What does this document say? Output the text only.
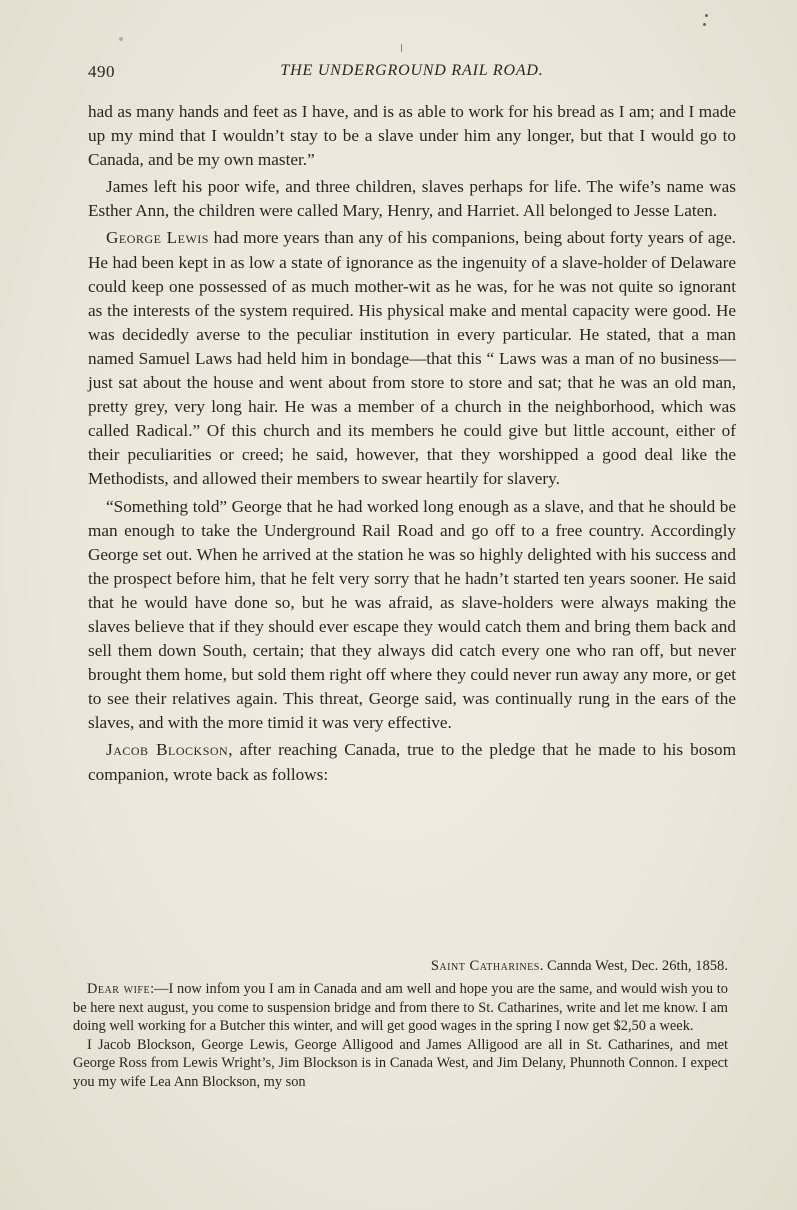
490	THE UNDERGROUND RAIL ROAD.

had as many hands and feet as I have, and is as able to work for his bread as I am; and I made up my mind that I wouldn’t stay to be a slave under him any longer, but that I would go to Canada, and be my own master.”

James left his poor wife, and three children, slaves perhaps for life. The wife’s name was Esther Ann, the children were called Mary, Henry, and Harriet. All belonged to Jesse Laten.

George Lewis had more years than any of his companions, being about forty years of age. He had been kept in as low a state of ignorance as the ingenuity of a slave-holder of Delaware could keep one possessed of as much mother-wit as he was, for he was not quite so ignorant as the interests of the system required. His physical make and mental capacity were good. He was decidedly averse to the peculiar institution in every particular. He stated, that a man named Samuel Laws had held him in bondage—that this “ Laws was a man of no business—just sat about the house and went about from store to store and sat; that he was an old man, pretty grey, very long hair. He was a member of a church in the neighborhood, which was called Radical.” Of this church and its members he could give but little account, either of their peculiarities or creed; he said, however, that they worshipped a good deal like the Methodists, and allowed their members to swear heartily for slavery.

“Something told” George that he had worked long enough as a slave, and that he should be man enough to take the Underground Rail Road and go off to a free country. Accordingly George set out. When he arrived at the station he was so highly delighted with his success and the prospect before him, that he felt very sorry that he hadn’t started ten years sooner. He said that he would have done so, but he was afraid, as slave-holders were always making the slaves believe that if they should ever escape they would catch them and bring them back and sell them down South, certain; that they always did catch every one who ran off, but never brought them home, but sold them right off where they could never run away any more, or get to see their relatives again. This threat, George said, was continually rung in the ears of the slaves, and with the more timid it was very effective.

Jacob Blockson, after reaching Canada, true to the pledge that he made to his bosom companion, wrote back as follows:

Saint Catharines. Cannda West, Dec. 26th, 1858.

Dear wife:—I now infom you I am in Canada and am well and hope you are the same, and would wish you to be here next august, you come to suspension bridge and from there to St. Catharines, write and let me know. I am doing well working for a Butcher this winter, and will get good wages in the spring I now get $2,50 a week.

I Jacob Blockson, George Lewis, George Alligood and James Alligood are all in St. Catharines, and met George Ross from Lewis Wright’s, Jim Blockson is in Canada West, and Jim Delany, Phunnoth Connon. I expect you my wife Lea Ann Blockson, my son
